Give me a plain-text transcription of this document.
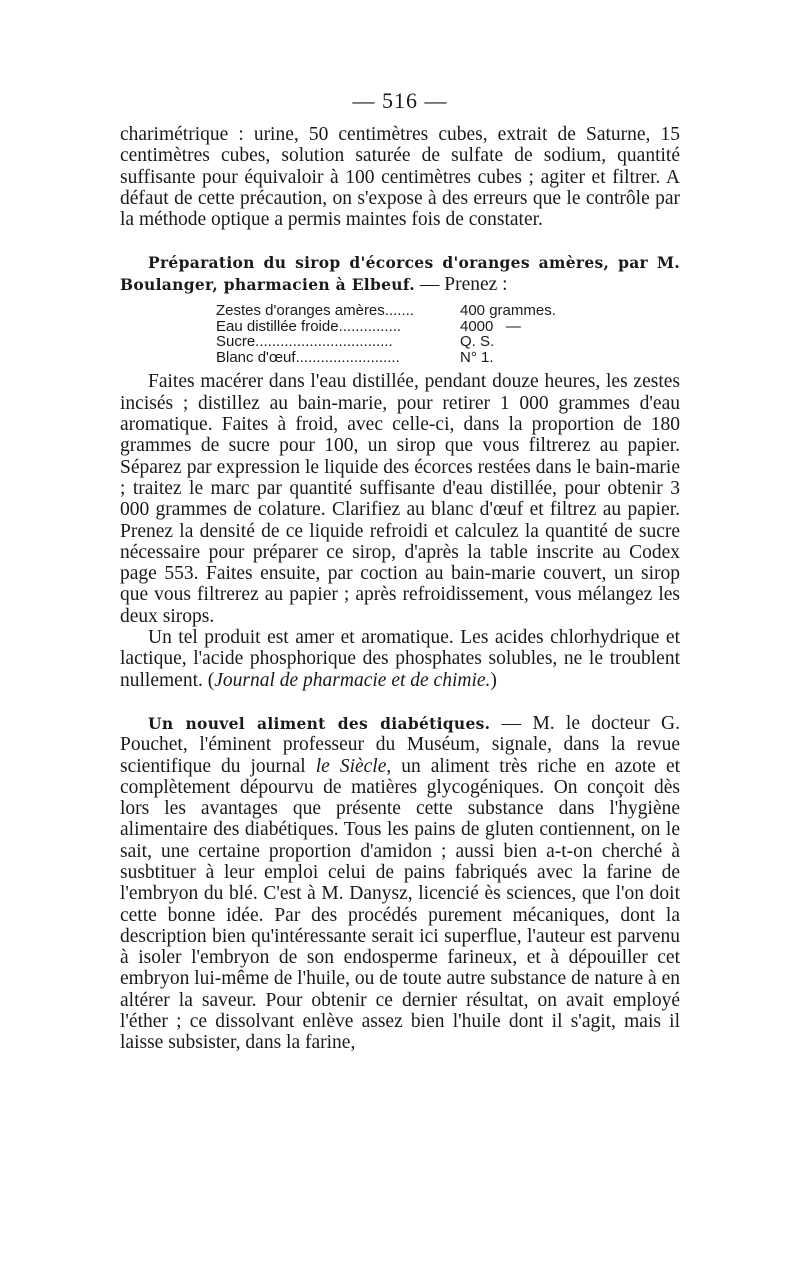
— 516 —

charimétrique : urine, 50 centimètres cubes, extrait de Saturne, 15 centimètres cubes, solution saturée de sulfate de sodium, quantité suffisante pour équivaloir à 100 centimètres cubes ; agiter et filtrer. A défaut de cette précaution, on s'expose à des erreurs que le contrôle par la méthode optique a permis maintes fois de constater.

Préparation du sirop d'écorces d'oranges amères, par M. Boulanger, pharmacien à Elbeuf. — Prenez :

Zestes d'oranges amères.......	400 grammes.
Eau distillée froide...............	4000   —
Sucre.................................	Q. S.
Blanc d'œuf.........................	N° 1.

Faites macérer dans l'eau distillée, pendant douze heures, les zestes incisés ; distillez au bain-marie, pour retirer 1 000 grammes d'eau aromatique. Faites à froid, avec celle-ci, dans la proportion de 180 grammes de sucre pour 100, un sirop que vous filtrerez au papier. Séparez par expression le liquide des écorces restées dans le bain-marie ; traitez le marc par quantité suffisante d'eau distillée, pour obtenir 3 000 grammes de colature. Clarifiez au blanc d'œuf et filtrez au papier. Prenez la densité de ce liquide refroidi et calculez la quantité de sucre nécessaire pour préparer ce sirop, d'après la table inscrite au Codex page 553. Faites ensuite, par coction au bain-marie couvert, un sirop que vous filtrerez au papier ; après refroidissement, vous mélangez les deux sirops.

Un tel produit est amer et aromatique. Les acides chlorhydrique et lactique, l'acide phosphorique des phosphates solubles, ne le troublent nullement. (Journal de pharmacie et de chimie.)

Un nouvel aliment des diabétiques. — M. le docteur G. Pouchet, l'éminent professeur du Muséum, signale, dans la revue scientifique du journal le Siècle, un aliment très riche en azote et complètement dépourvu de matières glycogéniques. On conçoit dès lors les avantages que présente cette substance dans l'hygiène alimentaire des diabétiques. Tous les pains de gluten contiennent, on le sait, une certaine proportion d'amidon ; aussi bien a-t-on cherché à susbtituer à leur emploi celui de pains fabriqués avec la farine de l'embryon du blé. C'est à M. Danysz, licencié ès sciences, que l'on doit cette bonne idée. Par des procédés purement mécaniques, dont la description bien qu'intéressante serait ici superflue, l'auteur est parvenu à isoler l'embryon de son endosperme farineux, et à dépouiller cet embryon lui-même de l'huile, ou de toute autre substance de nature à en altérer la saveur. Pour obtenir ce dernier résultat, on avait employé l'éther ; ce dissolvant enlève assez bien l'huile dont il s'agit, mais il laisse subsister, dans la farine,
